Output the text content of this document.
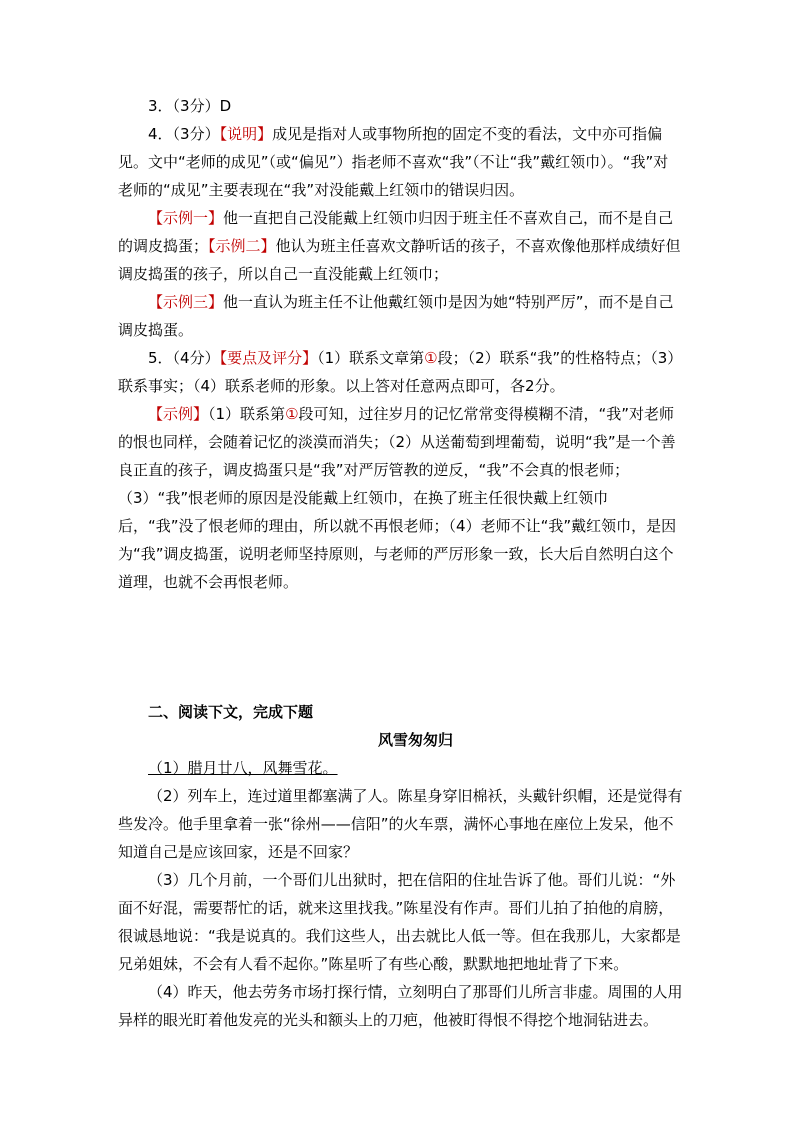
3．（3分）D

4．（3分）【说明】成见是指对人或事物所抱的固定不变的看法，文中亦可指偏见。文中“老师的成见”（或“偏见”）指老师不喜欢“我”（不让“我”戴红领巾）。“我”对老师的“成见”主要表现在“我”对没能戴上红领巾的错误归因。

【示例一】他一直把自己没能戴上红领巾归因于班主任不喜欢自己，而不是自己的调皮捣蛋；【示例二】他认为班主任喜欢文静听话的孩子，不喜欢像他那样成绩好但调皮捣蛋的孩子，所以自己一直没能戴上红领巾；

【示例三】他一直认为班主任不让他戴红领巾是因为她“特别严厉”，而不是自己调皮捣蛋。

5．（4分）【要点及评分】（1）联系文章第①段；（2）联系“我”的性格特点；（3）联系事实；（4）联系老师的形象。以上答对任意两点即可，各2分。

【示例】（1）联系第①段可知，过往岁月的记忆常常变得模糊不清，“我”对老师的恨也同样，会随着记忆的淡漠而消失；（2）从送葡萄到埋葡萄，说明“我”是一个善良正直的孩子，调皮捣蛋只是“我”对严厉管教的逆反，“我”不会真的恨老师；（3）“我”恨老师的原因是没能戴上红领巾，在换了班主任很快戴上红领巾后，“我”没了恨老师的理由，所以就不再恨老师；（4）老师不让“我”戴红领巾，是因为“我”调皮捣蛋，说明老师坚持原则，与老师的严厉形象一致，长大后自然明白这个道理，也就不会再恨老师。

二、阅读下文，完成下题

风雪匆匆归

（1）腊月廿八，风舞雪花。

（2）列车上，连过道里都塞满了人。陈星身穿旧棉袄，头戴针织帽，还是觉得有些发冷。他手里拿着一张“徐州——信阳”的火车票，满怀心事地在座位上发呆，他不知道自己是应该回家，还是不回家？

（3）几个月前，一个哥们儿出狱时，把在信阳的住址告诉了他。哥们儿说：“外面不好混，需要帮忙的话，就来这里找我。”陈星没有作声。哥们儿拍了拍他的肩膀，很诚恳地说：“我是说真的。我们这些人，出去就比人低一等。但在我那儿，大家都是兄弟姐妹，不会有人看不起你。”陈星听了有些心酸，默默地把地址背了下来。

（4）昨天，他去劳务市场打探行情，立刻明白了那哥们儿所言非虚。周围的人用异样的眼光盯着他发亮的光头和额头上的刀疤，他被盯得恨不得挖个地洞钻进去。
